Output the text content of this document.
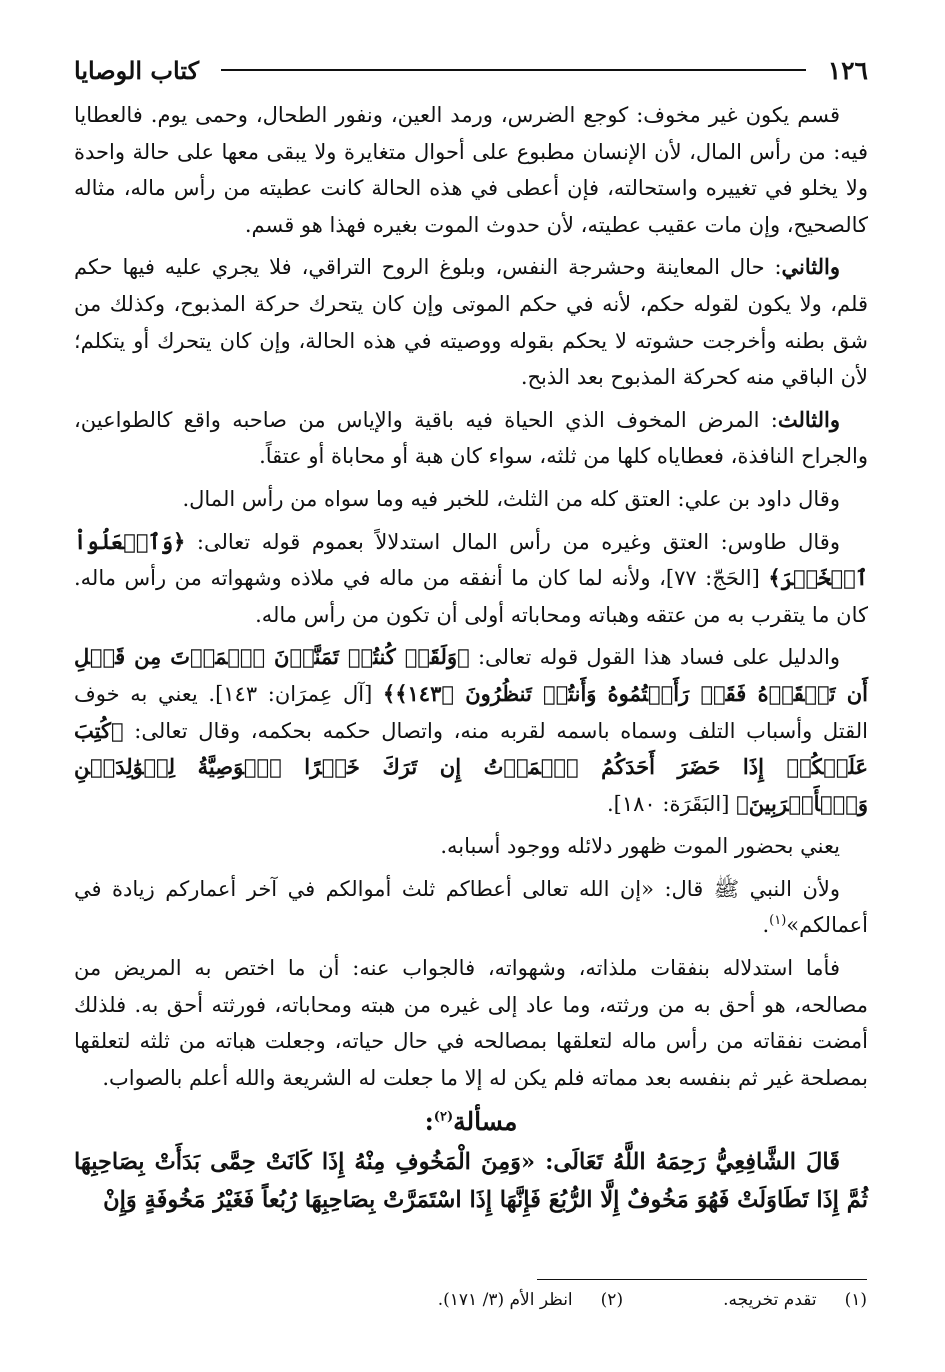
١٢٦
كتاب الوصايا

قسم يكون غير مخوف: كوجع الضرس، ورمد العين، ونفور الطحال، وحمى يوم. فالعطايا فيه: من رأس المال، لأن الإنسان مطبوع على أحوال متغايرة ولا يبقى معها على حالة واحدة ولا يخلو في تغييره واستحالته، فإن أعطى في هذه الحالة كانت عطيته من رأس ماله، مثاله كالصحيح، وإن مات عقيب عطيته، لأن حدوث الموت بغيره فهذا هو قسم.

والثاني: حال المعاينة وحشرجة النفس، وبلوغ الروح التراقي، فلا يجري عليه فيها حكم قلم، ولا يكون لقوله حكم، لأنه في حكم الموتى وإن كان يتحرك حركة المذبوح، وكذلك من شق بطنه وأخرجت حشوته لا يحكم بقوله ووصيته في هذه الحالة، وإن كان يتحرك أو يتكلم؛ لأن الباقي منه كحركة المذبوح بعد الذبح.

والثالث: المرض المخوف الذي الحياة فيه باقية والإياس من صاحبه واقع كالطواعين، والجراح النافذة، فعطاياه كلها من ثلثه، سواء كان هبة أو محاباة أو عتقاً.

وقال داود بن علي: العتق كله من الثلث، للخبر فيه وما سواه من رأس المال.

وقال طاوس: العتق وغيره من رأس المال استدلالاً بعموم قوله تعالى: ﴿وَٱفۡعَلُواْ ٱلۡخَيۡرَ﴾ [الحَجّ: ٧٧]، ولأنه لما كان ما أنفقه من ماله في ملاذه وشهواته من رأس ماله. كان ما يتقرب به من عتقه وهباته ومحاباته أولى أن تكون من رأس ماله.

والدليل على فساد هذا القول قوله تعالى: ﴿وَلَقَدۡ كُنتُمۡ تَمَنَّوۡنَ ٱلۡمَوۡتَ مِن قَبۡلِ أَن تَلۡقَوۡهُ فَقَدۡ رَأَيۡتُمُوهُ وَأَنتُمۡ تَنظُرُونَ ﴿١٤٣﴾﴾ [آل عِمرَان: ١٤٣]. يعني به خوف القتل وأسباب التلف وسماه باسمه لقربه منه، واتصال حكمه بحكمه، وقال تعالى: ﴿كُتِبَ عَلَيۡكُمۡ إِذَا حَضَرَ أَحَدَكُمُ ٱلۡمَوۡتُ إِن تَرَكَ خَيۡرًا ٱلۡوَصِيَّةُ لِلۡوَٰلِدَيۡنِ وَٱلۡأَقۡرَبِينَ﴾ [البَقَرَة: ١٨٠].

يعني بحضور الموت ظهور دلائله ووجود أسبابه.

ولأن النبي ﷺ قال: «إن الله تعالى أعطاكم ثلث أموالكم في آخر أعماركم زيادة في أعمالكم»$^{(١)}$.

فأما استدلاله بنفقات ملذاته، وشهواته، فالجواب عنه: أن ما اختص به المريض من مصالحه، هو أحق به من ورثته، وما عاد إلى غيره من هبته ومحاباته، فورثته أحق به. فلذلك أمضت نفقاته من رأس ماله لتعلقها بمصالحه في حال حياته، وجعلت هباته من ثلثه لتعلقها بمصلحة غير ثم بنفسه بعد مماته فلم يكن له إلا ما جعلت له الشريعة والله أعلم بالصواب.

مسألة$^{(٢)}$:

قَالَ الشَّافِعِيُّ رَحِمَهُ اللَّهُ تَعَالَى: «وَمِنَ الْمَخُوفِ مِنْهُ إِذَا كَانَتْ حِمَّى بَدَأَتْ بِصَاحِبِهَا ثُمَّ إِذَا تَطَاوَلَتْ فَهُوَ مَخُوفٌ إِلَّا الرُّبُعَ فَإِنَّهَا إِذَا اسْتَمَرَّتْ بِصَاحِبِهَا رُبُعاً فَغَيْرُ مَخُوفَةٍ وَإِنْ

(١)تقدم تخريجه.
(٢)انظر الأم (٣/ ١٧١).
